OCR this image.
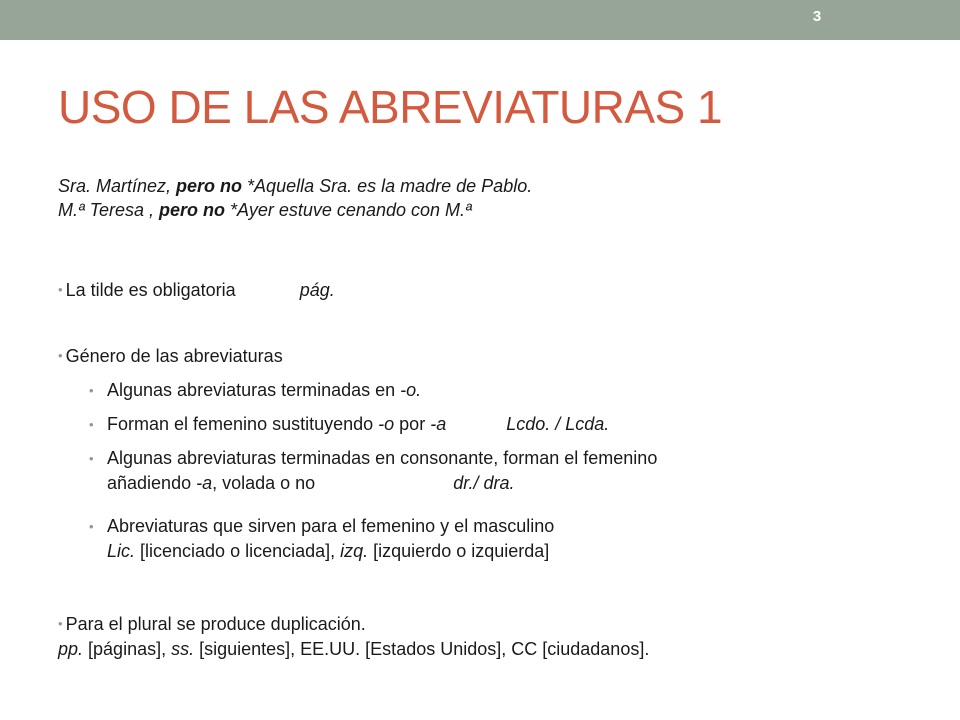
3
USO DE LAS ABREVIATURAS 1
Sra. Martínez, pero no *Aquella Sra. es la madre de Pablo.
M.ª Teresa , pero no *Ayer estuve cenando con M.ª
• La tilde es obligatoria	pág.
• Género de las abreviaturas
• Algunas abreviaturas terminadas en -o.
• Forman el femenino sustituyendo -o por -a	Lcdo. / Lcda.
• Algunas abreviaturas terminadas en consonante, forman el femenino
añadiendo -a, volada o no	dr./ dra.
• Abreviaturas que sirven para el femenino y el masculino
Lic. [licenciado o licenciada], izq. [izquierdo o izquierda]
• Para el plural se produce duplicación.
pp. [páginas], ss. [siguientes], EE.UU. [Estados Unidos], CC [ciudadanos].
